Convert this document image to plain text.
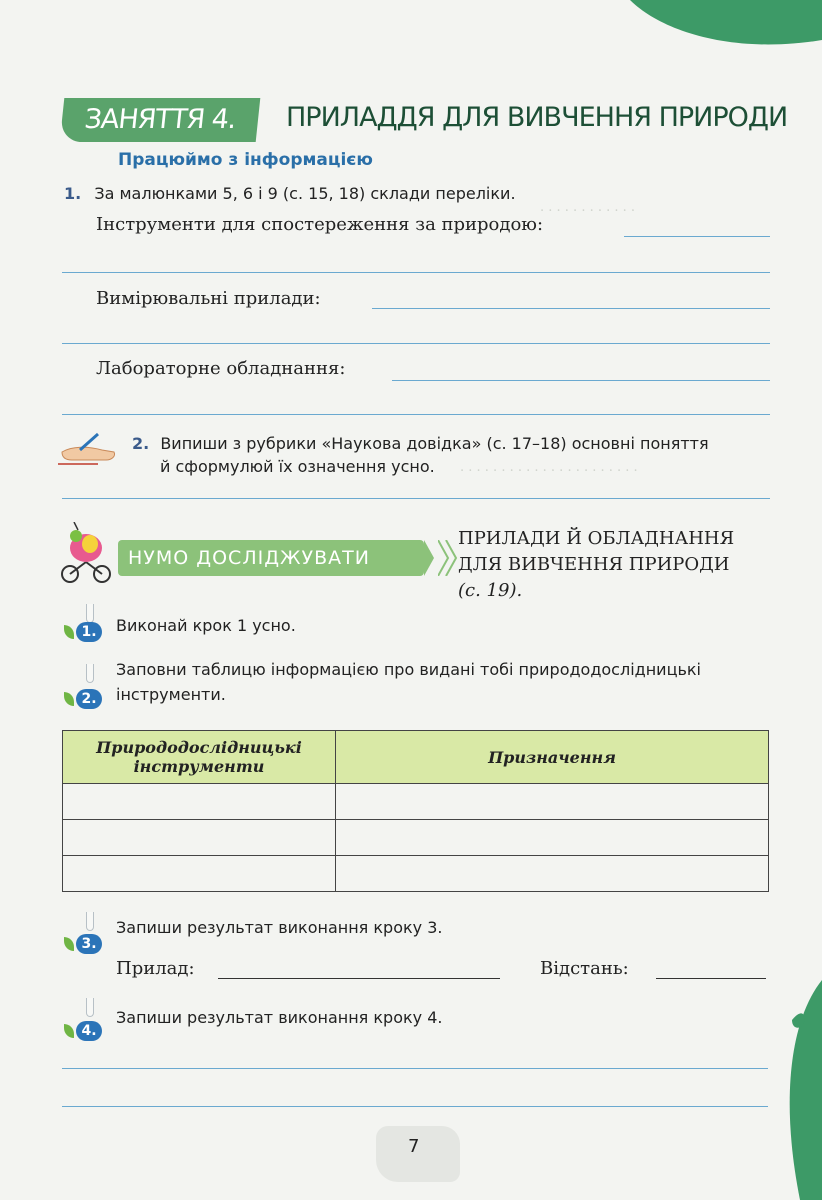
. . . . . . . . . . . .
. . . . . . . . . . . . . . . . . . . . . .
ЗАНЯТТЯ 4.	ПРИЛАДДЯ ДЛЯ ВИВЧЕННЯ ПРИРОДИ
Працюймо з інформацією
1. За малюнками 5, 6 і 9 (с. 15, 18) склади переліки.
Інструменти для спостереження за природою:
Вимірювальні прилади:
Лабораторне обладнання:
2. Випиши з рубрики «Наукова довідка» (с. 17–18) основні поняття
й сформулюй їх означення усно.
НУМО ДОСЛІДЖУВАТИ
ПРИЛАДИ Й ОБЛАДНАННЯ
ДЛЯ ВИВЧЕННЯ ПРИРОДИ
(с. 19).
1.	Виконай крок 1 усно.
2.
Заповни таблицю інформацією про видані тобі природодослідницькі
інструменти.
Природодослідницькі інструменти	Призначення

3.
Запиши результат виконання кроку 3.
Прилад:	Відстань:
4.
Запиши результат виконання кроку 4.
7
